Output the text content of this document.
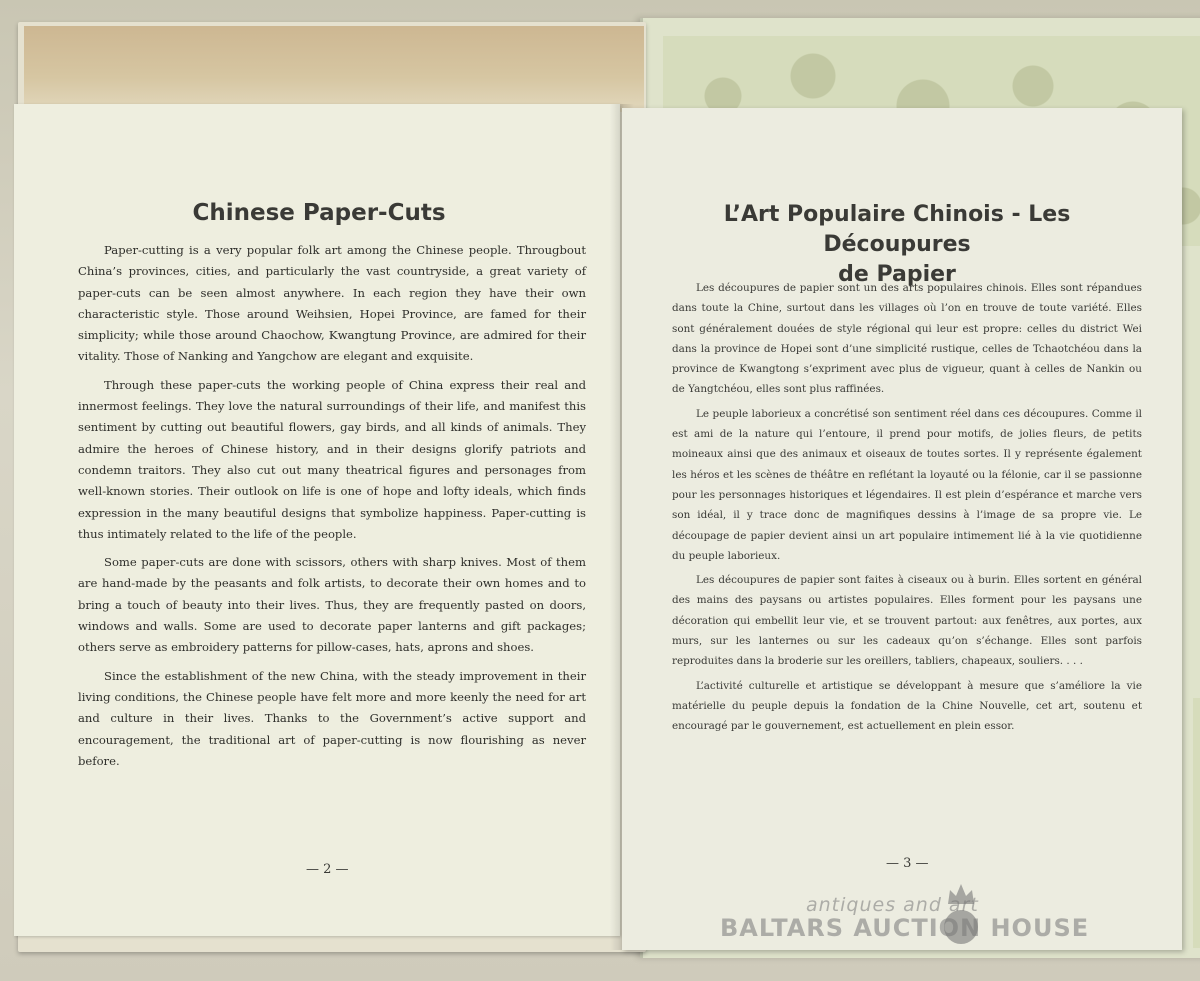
Chinese Paper-Cuts

Paper-cutting is a very popular folk art among the Chinese people. Througbout China’s provinces, cities, and particularly the vast countryside, a great variety of paper-cuts can be seen almost anywhere. In each region they have their own characteristic style. Those around Weihsien, Hopei Province, are famed for their simplicity; while those around Chaochow, Kwangtung Province, are admired for their vitality. Those of Nanking and Yangchow are elegant and exquisite.

Through these paper-cuts the working people of China express their real and innermost feelings. They love the natural surroundings of their life, and manifest this sentiment by cutting out beautiful flowers, gay birds, and all kinds of animals. They admire the heroes of Chinese history, and in their designs glorify patriots and condemn traitors. They also cut out many theatrical figures and personages from well-known stories. Their outlook on life is one of hope and lofty ideals, which finds expression in the many beautiful designs that symbolize happiness. Paper-cutting is thus intimately related to the life of the people.

Some paper-cuts are done with scissors, others with sharp knives. Most of them are hand-made by the peasants and folk artists, to decorate their own homes and to bring a touch of beauty into their lives. Thus, they are frequently pasted on doors, windows and walls. Some are used to decorate paper lanterns and gift packages; others serve as embroidery patterns for pillow-cases, hats, aprons and shoes.

Since the establishment of the new China, with the steady improvement in their living conditions, the Chinese people have felt more and more keenly the need for art and culture in their lives. Thanks to the Government’s active support and encouragement, the traditional art of paper-cutting is now flourishing as never before.

— 2 —
L’Art Populaire Chinois - Les Découpures
de Papier

Les découpures de papier sont un des arts populaires chinois. Elles sont répandues dans toute la Chine, surtout dans les villages où l’on en trouve de toute variété. Elles sont généralement douées de style régional qui leur est propre: celles du district Wei dans la province de Hopei sont d’une simplicité rustique, celles de Tchaotchéou dans la province de Kwangtong s’expriment avec plus de vigueur, quant à celles de Nankin ou de Yangtchéou, elles sont plus raffinées.

Le peuple laborieux a concrétisé son sentiment réel dans ces découpures. Comme il est ami de la nature qui l’entoure, il prend pour motifs, de jolies fleurs, de petits moineaux ainsi que des animaux et oiseaux de toutes sortes. Il y représente également les héros et les scènes de théâtre en reflétant la loyauté ou la félonie, car il se passionne pour les personnages historiques et légendaires. Il est plein d’espérance et marche vers son idéal, il y trace donc de magnifiques dessins à l’image de sa propre vie. Le découpage de papier devient ainsi un art populaire intimement lié à la vie quotidienne du peuple laborieux.

Les découpures de papier sont faites à ciseaux ou à burin. Elles sortent en général des mains des paysans ou artistes populaires. Elles forment pour les paysans une décoration qui embellit leur vie, et se trouvent partout: aux fenêtres, aux portes, aux murs, sur les lanternes ou sur les cadeaux qu’on s’échange. Elles sont parfois reproduites dans la broderie sur les oreillers, tabliers, chapeaux, souliers. . . .

L’activité culturelle et artistique se développant à mesure que s’améliore la vie matérielle du peuple depuis la fondation de la Chine Nouvelle, cet art, soutenu et encouragé par le gouvernement, est actuellement en plein essor.

— 3 —
antiques and art
BALTARS AUCTION HOUSE
